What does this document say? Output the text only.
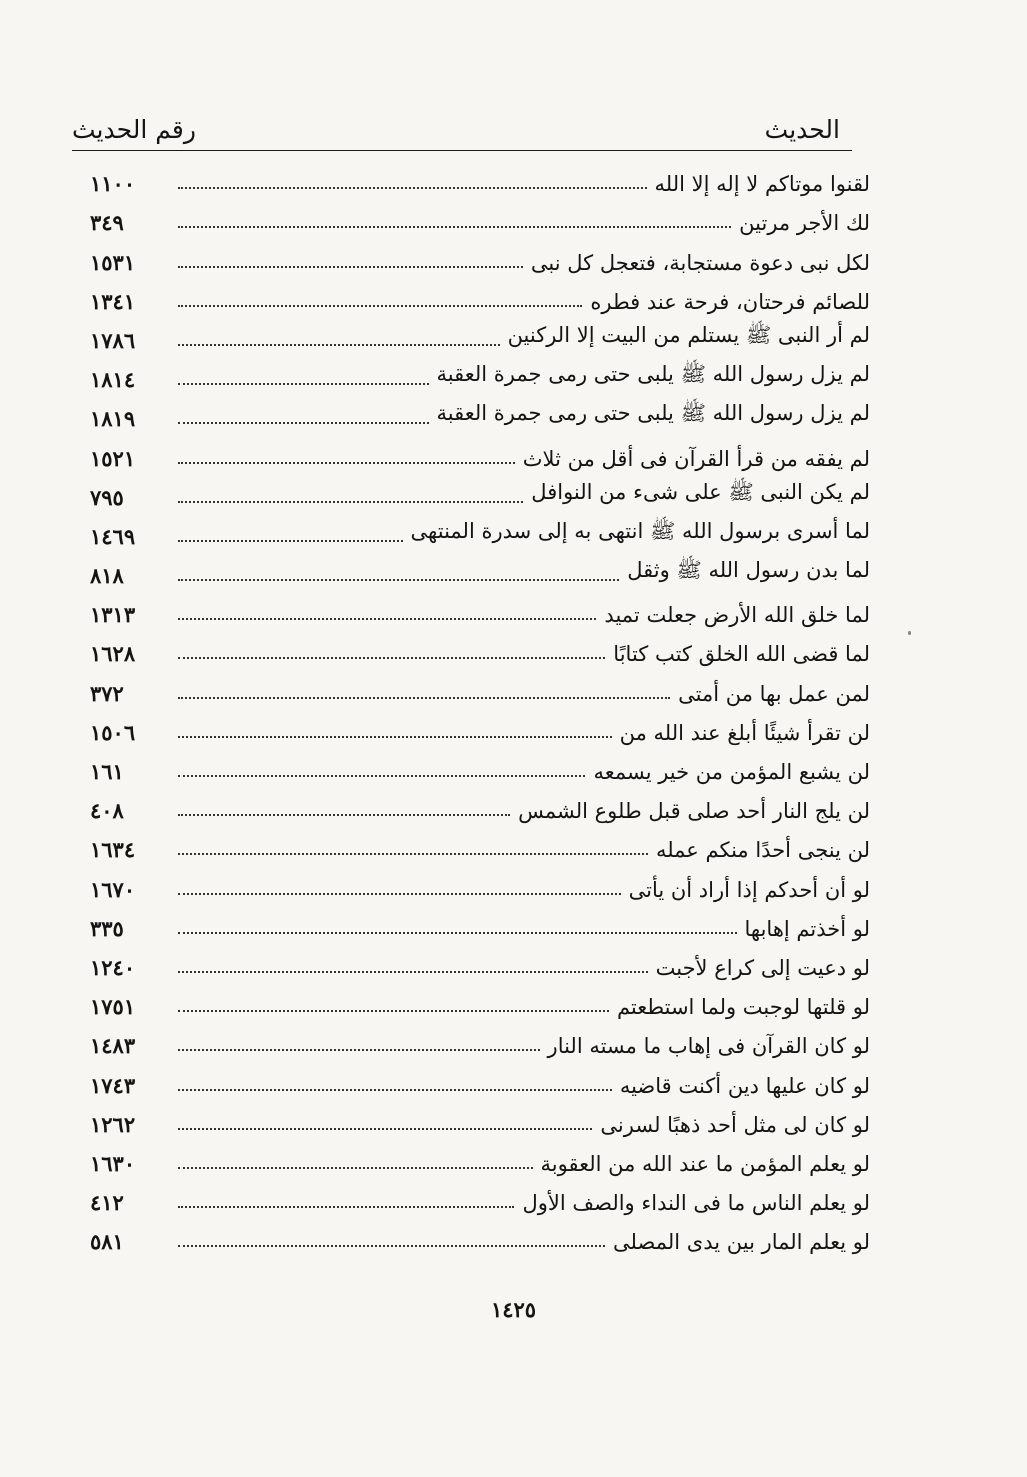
رقم الحديث	الحديث
١١٠٠	لقنوا موتاكم لا إله إلا الله
٣٤٩	لك الأجر مرتين
١٥٣١	لكل نبى دعوة مستجابة، فتعجل كل نبى
١٣٤١	للصائم فرحتان، فرحة عند فطره
١٧٨٦	لم أر النبى ﷺ يستلم من البيت إلا الركنين
١٨١٤	لم يزل رسول الله ﷺ يلبى حتى رمى جمرة العقبة
١٨١٩	لم يزل رسول الله ﷺ يلبى حتى رمى جمرة العقبة
١٥٢١	لم يفقه من قرأ القرآن فى أقل من ثلاث
٧٩٥	لم يكن النبى ﷺ على شىء من النوافل
١٤٦٩	لما أسرى برسول الله ﷺ انتهى به إلى سدرة المنتهى
٨١٨	لما بدن رسول الله ﷺ وثقل
١٣١٣	لما خلق الله الأرض جعلت تميد
١٦٢٨	لما قضى الله الخلق كتب كتابًا
٣٧٢	لمن عمل بها من أمتى
١٥٠٦	لن تقرأ شيئًا أبلغ عند الله من
١٦١	لن يشبع المؤمن من خير يسمعه
٤٠٨	لن يلج النار أحد صلى قبل طلوع الشمس
١٦٣٤	لن ينجى أحدًا منكم عمله
١٦٧٠	لو أن أحدكم إذا أراد أن يأتى
٣٣٥	لو أخذتم إهابها
١٢٤٠	لو دعيت إلى كراع لأجبت
١٧٥١	لو قلتها لوجبت ولما استطعتم
١٤٨٣	لو كان القرآن فى إهاب ما مسته النار
١٧٤٣	لو كان عليها دين أكنت قاضيه
١٢٦٢	لو كان لى مثل أحد ذهبًا لسرنى
١٦٣٠	لو يعلم المؤمن ما عند الله من العقوبة
٤١٢	لو يعلم الناس ما فى النداء والصف الأول
٥٨١	لو يعلم المار بين يدى المصلى
١٤٢٥
